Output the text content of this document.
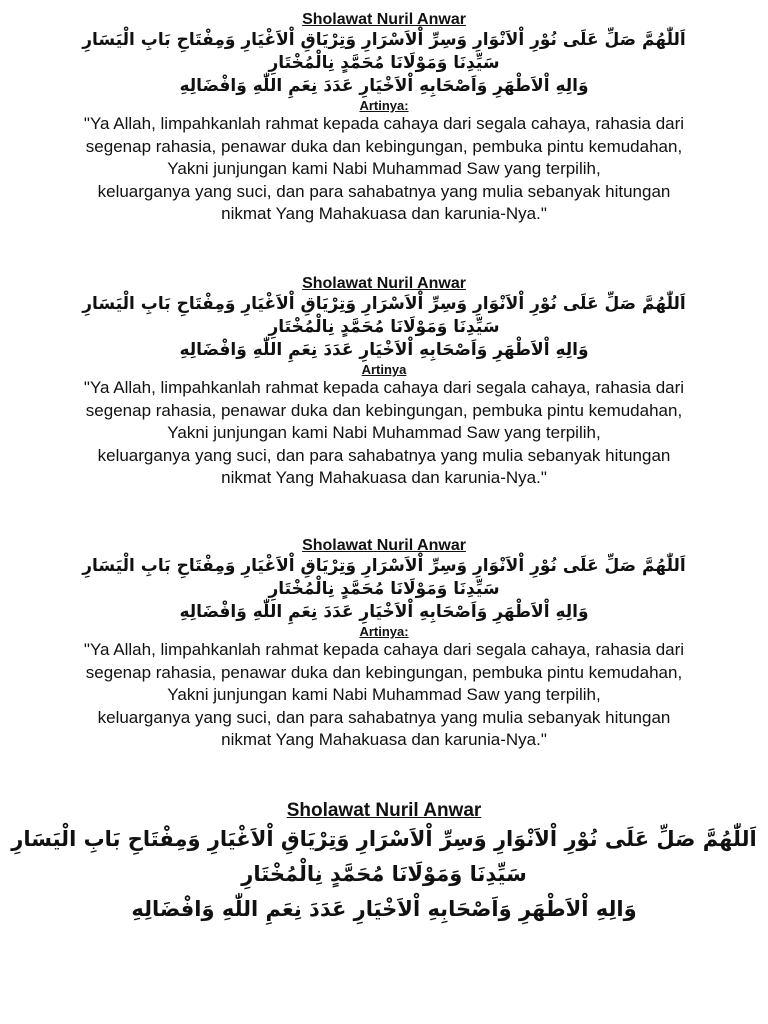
Sholawat Nuril Anwar

اَللّٰهُمَّ صَلِّ عَلَى نُوْرِ اْلاَنْوَارِ وَسِرِّ اْلاَسْرَارِ وَتِرْيَاقِ اْلاَغْيَارِ وَمِفْتَاحِ بَابِ الْيَسَارِ

سَيِّدِنَا وَمَوْلَانَا مُحَمَّدٍ نِالْمُخْتَارِ

وَالِهِ اْلاَطْهَرِ وَاَصْحَابِهِ اْلاَخْيَارِ عَدَدَ نِعَمِ اللّٰهِ وَافْضَالِهِ

Artinya:

"Ya Allah, limpahkanlah rahmat kepada cahaya dari segala cahaya, rahasia dari

segenap rahasia, penawar duka dan kebingungan, pembuka pintu kemudahan,

Yakni junjungan kami Nabi Muhammad Saw yang terpilih,

keluarganya yang suci, dan para sahabatnya yang mulia sebanyak hitungan

nikmat Yang Mahakuasa dan karunia-Nya."

Sholawat Nuril Anwar

اَللّٰهُمَّ صَلِّ عَلَى نُوْرِ اْلاَنْوَارِ وَسِرِّ اْلاَسْرَارِ وَتِرْيَاقِ اْلاَغْيَارِ وَمِفْتَاحِ بَابِ الْيَسَارِ

سَيِّدِنَا وَمَوْلَانَا مُحَمَّدٍ نِالْمُخْتَارِ

وَالِهِ اْلاَطْهَرِ وَاَصْحَابِهِ اْلاَخْيَارِ عَدَدَ نِعَمِ اللّٰهِ وَافْضَالِهِ

Artinya

"Ya Allah, limpahkanlah rahmat kepada cahaya dari segala cahaya, rahasia dari

segenap rahasia, penawar duka dan kebingungan, pembuka pintu kemudahan,

Yakni junjungan kami Nabi Muhammad Saw yang terpilih,

keluarganya yang suci, dan para sahabatnya yang mulia sebanyak hitungan

nikmat Yang Mahakuasa dan karunia-Nya."

Sholawat Nuril Anwar

اَللّٰهُمَّ صَلِّ عَلَى نُوْرِ اْلاَنْوَارِ وَسِرِّ اْلاَسْرَارِ وَتِرْيَاقِ اْلاَغْيَارِ وَمِفْتَاحِ بَابِ الْيَسَارِ

سَيِّدِنَا وَمَوْلَانَا مُحَمَّدٍ نِالْمُخْتَارِ

وَالِهِ اْلاَطْهَرِ وَاَصْحَابِهِ اْلاَخْيَارِ عَدَدَ نِعَمِ اللّٰهِ وَافْضَالِهِ

Artinya:

"Ya Allah, limpahkanlah rahmat kepada cahaya dari segala cahaya, rahasia dari

segenap rahasia, penawar duka dan kebingungan, pembuka pintu kemudahan,

Yakni junjungan kami Nabi Muhammad Saw yang terpilih,

keluarganya yang suci, dan para sahabatnya yang mulia sebanyak hitungan

nikmat Yang Mahakuasa dan karunia-Nya."

Sholawat Nuril Anwar

اَللّٰهُمَّ صَلِّ عَلَى نُوْرِ اْلاَنْوَارِ وَسِرِّ اْلاَسْرَارِ وَتِرْيَاقِ اْلاَغْيَارِ وَمِفْتَاحِ بَابِ الْيَسَارِ

سَيِّدِنَا وَمَوْلَانَا مُحَمَّدٍ نِالْمُخْتَارِ

وَالِهِ اْلاَطْهَرِ وَاَصْحَابِهِ اْلاَخْيَارِ عَدَدَ نِعَمِ اللّٰهِ وَافْضَالِهِ
